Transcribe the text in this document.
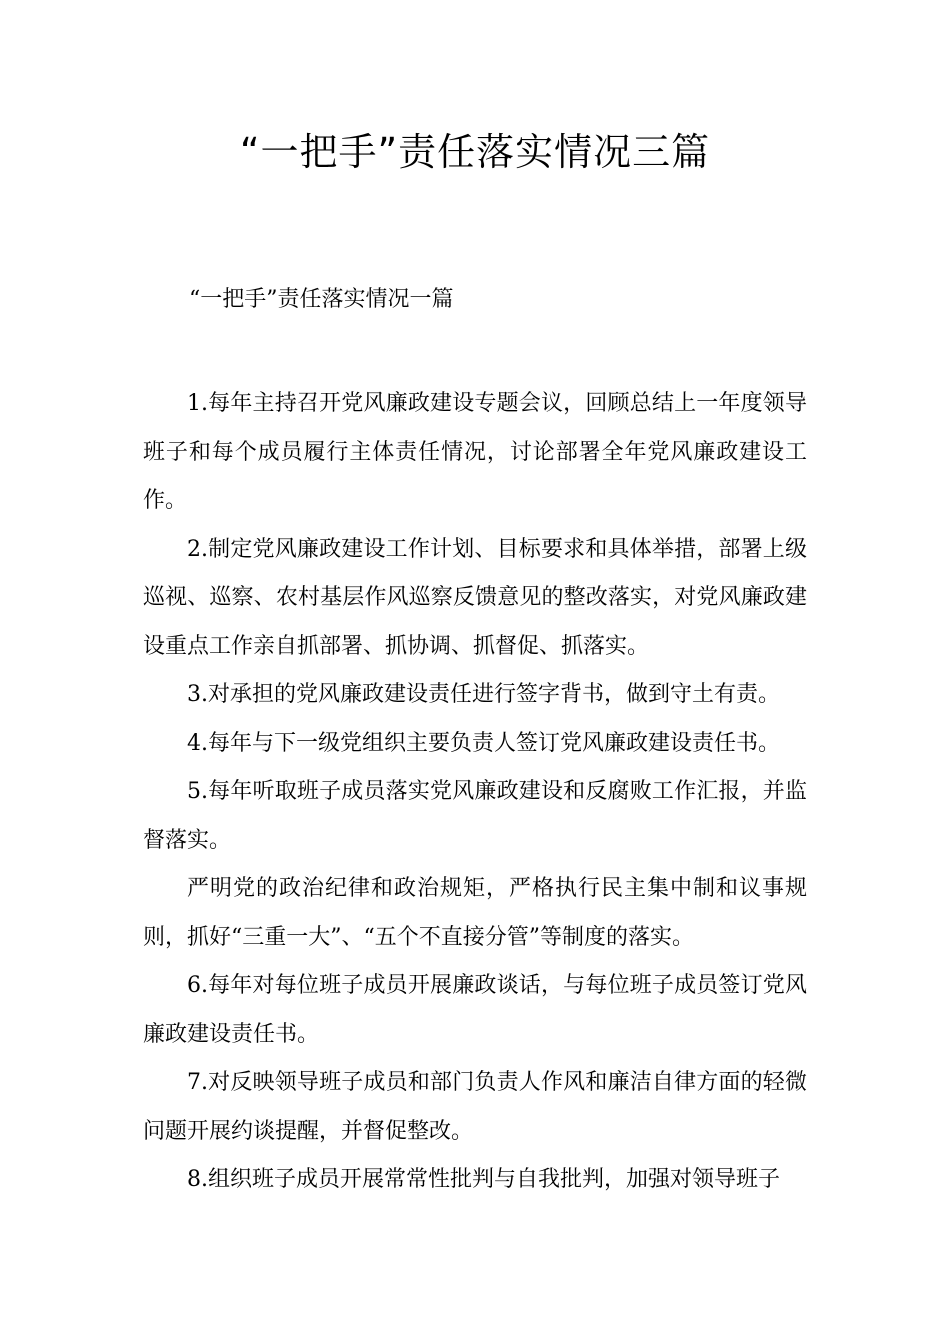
“一把手”责任落实情况三篇
“一把手”责任落实情况一篇

1.每年主持召开党风廉政建设专题会议，回顾总结上一年度领导班子和每个成员履行主体责任情况，讨论部署全年党风廉政建设工作。

2.制定党风廉政建设工作计划、目标要求和具体举措，部署上级巡视、巡察、农村基层作风巡察反馈意见的整改落实，对党风廉政建设重点工作亲自抓部署、抓协调、抓督促、抓落实。

3.对承担的党风廉政建设责任进行签字背书，做到守土有责。

4.每年与下一级党组织主要负责人签订党风廉政建设责任书。

5.每年听取班子成员落实党风廉政建设和反腐败工作汇报，并监督落实。

严明党的政治纪律和政治规矩，严格执行民主集中制和议事规则，抓好“三重一大”、“五个不直接分管”等制度的落实。

6.每年对每位班子成员开展廉政谈话，与每位班子成员签订党风廉政建设责任书。

7.对反映领导班子成员和部门负责人作风和廉洁自律方面的轻微问题开展约谈提醒，并督促整改。

8.组织班子成员开展常常性批判与自我批判，加强对领导班子
